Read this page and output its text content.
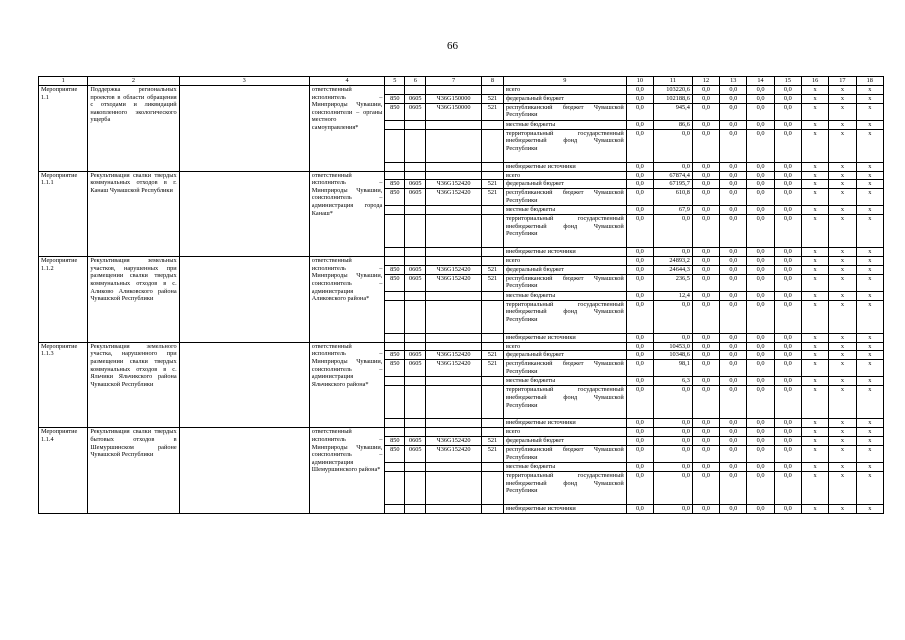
66
1	2	3	4	5	6	7	8	9	10	11	12	13	14	15	16	17	18
Мероприятие 1.1	Поддержка региональных проектов в области обращения с отходами и ликвидаций накопленного экологического ущерба		ответственный исполнитель – Минприроды Чувашии, соисполнители – органы местного самоуправления*					всего	0,0	103220,6	0,0	0,0	0,0	0,0	х	х	х
				850	0605	Ч36G150000	521	федеральный бюджет	0,0	102188,6	0,0	0,0	0,0	0,0	х	х	х
				850	0605	Ч36G150000	521	республиканский бюджет Чувашской Республики	0,0	945,4	0,0	0,0	0,0	0,0	х	х	х
								местные бюджеты	0,0	86,6	0,0	0,0	0,0	0,0	х	х	х
								территориальный государственный внебюджетный фонд Чувашской Республики	0,0	0,0	0,0	0,0	0,0	0,0	х	х	х
								внебюджетные источники	0,0	0,0	0,0	0,0	0,0	0,0	х	х	х
Мероприятие 1.1.1	Рекультивация свалки твердых коммунальных отходов в г. Канаш Чувашской Республики		ответственный исполнитель – Минприроды Чувашии, соисполнитель – администрация города Канаш*					всего	0,0	67874,4	0,0	0,0	0,0	0,0	х	х	х
				850	0605	Ч36G152420	521	федеральный бюджет	0,0	67195,7	0,0	0,0	0,0	0,0	х	х	х
				850	0605	Ч36G152420	521	республиканский бюджет Чувашской Республики	0,0	610,8	0,0	0,0	0,0	0,0	х	х	х
								местные бюджеты	0,0	67,9	0,0	0,0	0,0	0,0	х	х	х
								территориальный государственный внебюджетный фонд Чувашской Республики	0,0	0,0	0,0	0,0	0,0	0,0	х	х	х
								внебюджетные источники	0,0	0,0	0,0	0,0	0,0	0,0	х	х	х
Мероприятие 1.1.2	Рекультивация земельных участков, нарушенных при размещении свалки твердых коммунальных отходов в с. Аликово Аликовского района Чувашской Республики		ответственный исполнитель – Минприроды Чувашии, соисполнитель – администрация Аликовского района*					всего	0,0	24893,2	0,0	0,0	0,0	0,0	х	х	х
				850	0605	Ч36G152420	521	федеральный бюджет	0,0	24644,3	0,0	0,0	0,0	0,0	х	х	х
				850	0605	Ч36G152420	521	республиканский бюджет Чувашской Республики	0,0	236,5	0,0	0,0	0,0	0,0	х	х	х
								местные бюджеты	0,0	12,4	0,0	0,0	0,0	0,0	х	х	х
								территориальный государственный внебюджетный фонд Чувашской Республики	0,0	0,0	0,0	0,0	0,0	0,0	х	х	х
								внебюджетные источники	0,0	0,0	0,0	0,0	0,0	0,0	х	х	х
Мероприятие 1.1.3	Рекультивация земельного участка, нарушенного при размещении свалки твердых коммунальных отходов в с. Яльчики Яльчикского района Чувашской Республики		ответственный исполнитель – Минприроды Чувашии, соисполнитель – администрация Яльчикского района*					всего	0,0	10453,0	0,0	0,0	0,0	0,0	х	х	х
				850	0605	Ч36G152420	521	федеральный бюджет	0,0	10348,6	0,0	0,0	0,0	0,0	х	х	х
				850	0605	Ч36G152420	521	республиканский бюджет Чувашской Республики	0,0	98,1	0,0	0,0	0,0	0,0	х	х	х
								местные бюджеты	0,0	6,3	0,0	0,0	0,0	0,0	х	х	х
								территориальный государственный внебюджетный фонд Чувашской Республики	0,0	0,0	0,0	0,0	0,0	0,0	х	х	х
								внебюджетные источники	0,0	0,0	0,0	0,0	0,0	0,0	х	х	х
Мероприятие 1.1.4	Рекультивация свалки твердых бытовых отходов в Шемуршинском районе Чувашской Республики		ответственный исполнитель – Минприроды Чувашии, соисполнитель – администрация Шемуршинского района*					всего	0,0	0,0	0,0	0,0	0,0	0,0	х	х	х
				850	0605	Ч36G152420	521	федеральный бюджет	0,0	0,0	0,0	0,0	0,0	0,0	х	х	х
				850	0605	Ч36G152420	521	республиканский бюджет Чувашской Республики	0,0	0,0	0,0	0,0	0,0	0,0	х	х	х
								местные бюджеты	0,0	0,0	0,0	0,0	0,0	0,0	х	х	х
								территориальный государственный внебюджетный фонд Чувашской Республики	0,0	0,0	0,0	0,0	0,0	0,0	х	х	х
								внебюджетные источники	0,0	0,0	0,0	0,0	0,0	0,0	х	х	х
